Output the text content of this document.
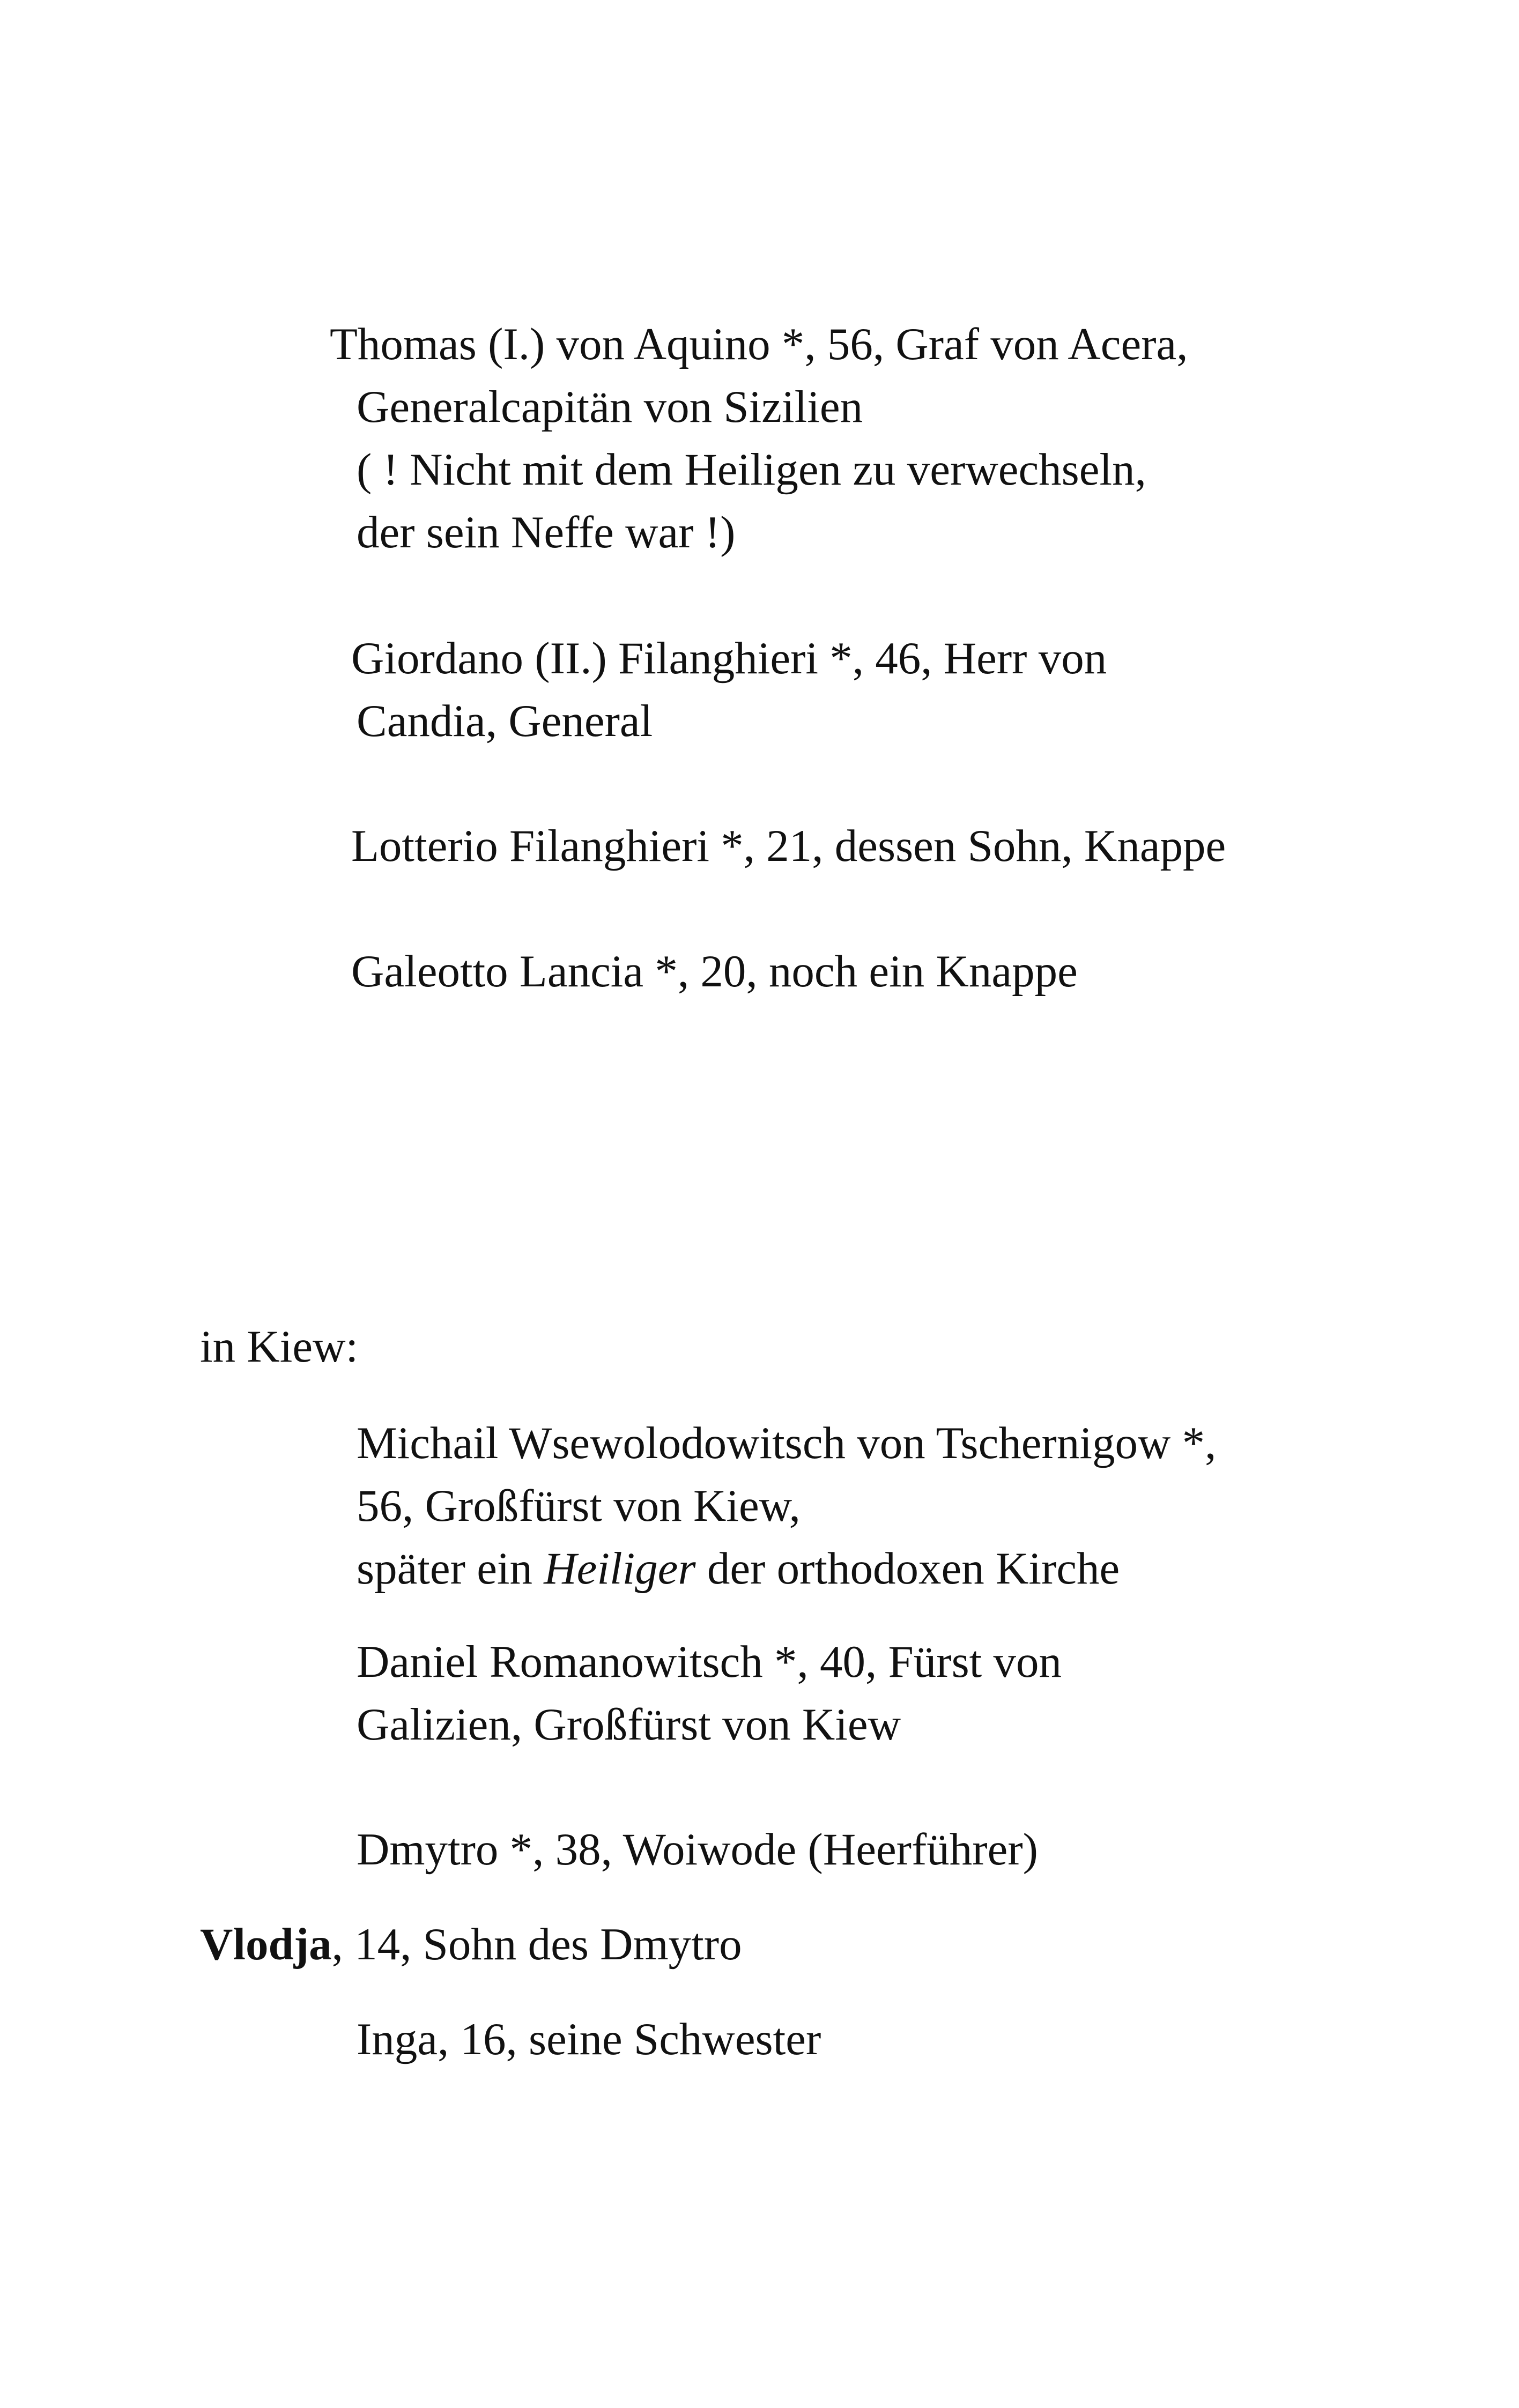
Thomas (I.) von Aquino *, 56, Graf von Acera,
Generalcapitän von Sizilien
( ! Nicht mit dem Heiligen zu verwechseln,
der sein Neffe war !)
Giordano (II.) Filanghieri *, 46, Herr von
Candia, General
Lotterio Filanghieri *, 21, dessen Sohn, Knappe
Galeotto Lancia *, 20, noch ein Knappe
in Kiew:
Michail Wsewolodowitsch von Tschernigow *,
56, Großfürst von Kiew,
später ein Heiliger der orthodoxen Kirche
Daniel Romanowitsch *, 40, Fürst von
Galizien, Großfürst von Kiew
Dmytro *, 38, Woiwode (Heerführer)
Vlodja, 14, Sohn des Dmytro
Inga, 16, seine Schwester
